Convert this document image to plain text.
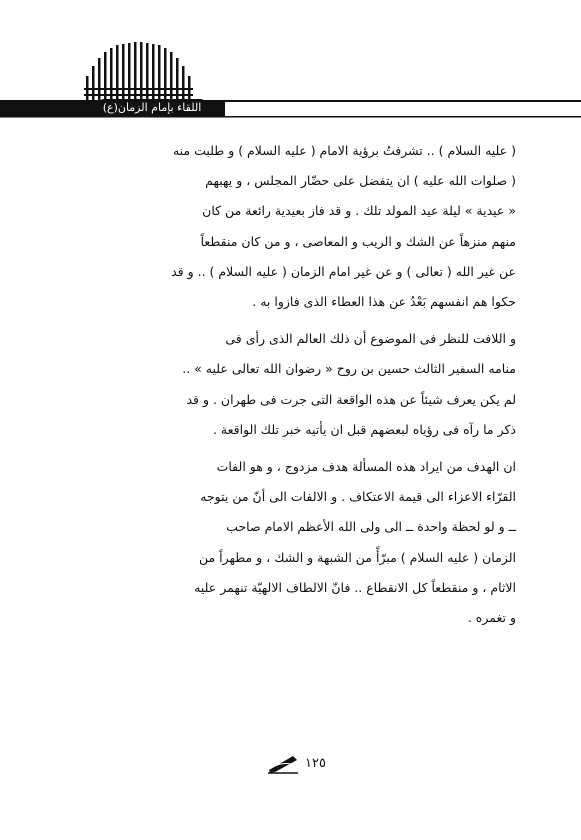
اللقاء بإمام الزمان(ع)

( عليه السلام ) .. تشرفتُ برؤية الامام ( عليه السلام ) و طلبت منه
( صلوات الله عليه ) ان يتفضل على حضّار المجلس ، و يهبهم
« عيدية » ليلة عيد المولد تلك . و قد فاز بعيدية رائعة من كان
منهم منزهاً عن الشك و الريب و المعاصى ، و من كان منقطعاً
عن غير الله ( تعالى ) و عن غير امام الزمان ( عليه السلام ) .. و قد
حكوا هم انفسهم بَعْدُ عن هذا العطاء الذى فازوا به .

و اللافت للنظر فى الموضوع أن ذلك العالم الذى رأى فى
منامه السفير الثالث حسين بن روح « رضوان الله تعالى عليه » ..
لم يكن يعرف شيئاً عن هذه الواقعة التى جرت فى طهران . و قد
ذكر ما رآه فى رؤياه لبعضهم قبل ان يأتيه خبر تلك الواقعة .

ان الهدف من ايراد هذه المسألة هدف مزدوج ، و هو الفات
القرّاء الاعزاء الى قيمة الاعتكاف . و الالفات الى أنّ من يتوجه
ــ و لو لحظة واحدة ــ الى ولى الله الأعظم الامام صاحب
الزمان ( عليه السلام ) مبرّأً من الشبهة و الشك ، و مطهراً من
الاثام ، و منقطعاً كل الانقطاع .. فانّ الالطاف الالهيّة تنهمر عليه
و تغمره .

١٢٥
